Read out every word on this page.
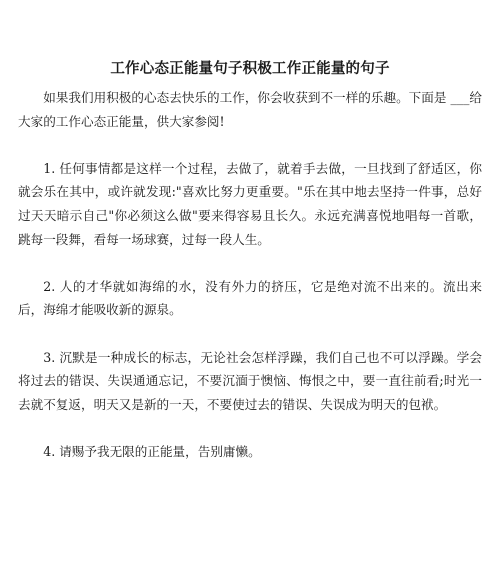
工作心态正能量句子积极工作正能量的句子

如果我们用积极的心态去快乐的工作，你会收获到不一样的乐趣。下面是 ___给大家的工作心态正能量，供大家参阅!

1. 任何事情都是这样一个过程，去做了，就着手去做，一旦找到了舒适区，你就会乐在其中，或许就发现:"喜欢比努力更重要。"乐在其中地去坚持一件事，总好过天天暗示自己"你必须这么做"要来得容易且长久。永远充满喜悦地唱每一首歌，跳每一段舞，看每一场球赛，过每一段人生。

2. 人的才华就如海绵的水，没有外力的挤压，它是绝对流不出来的。流出来后，海绵才能吸收新的源泉。

3. 沉默是一种成长的标志，无论社会怎样浮躁，我们自己也不可以浮躁。学会将过去的错误、失误通通忘记，不要沉湎于懊恼、悔恨之中，要一直往前看;时光一去就不复返，明天又是新的一天，不要使过去的错误、失误成为明天的包袱。

4. 请赐予我无限的正能量，告别庸懒。
